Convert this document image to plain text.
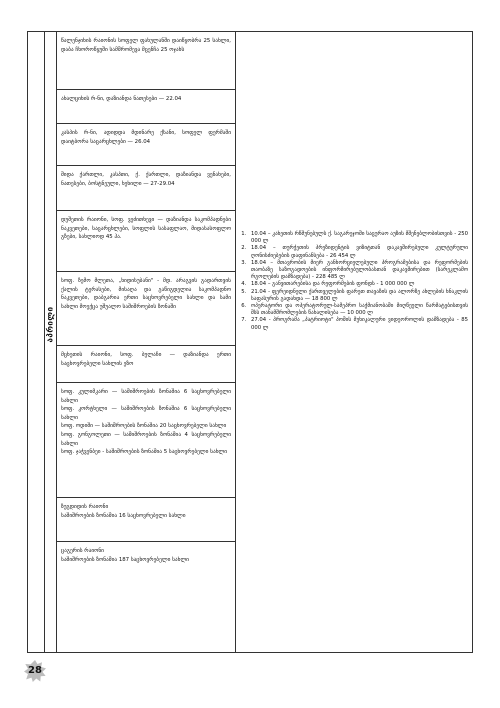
აპრილი
წალენჯიხის რაიონის სოფელ ფახულანში დაიწყობრა 25 სახლი, დაბა ჩხოროწყუში სამშრომევა მცენჩა 25 ოჯახს
ახალციხის რ-ნი, დაზიანდა ნათესები — 22.04
კასპის რ-ნი, ადიდდა მდინარე ქსანი, სოფელ ფერმაში დაიტბორა საცარცხლები — 26.04
შიდა ქართლი, კასპთი, ქ. ქართლი, დაზიანდა ვენახები, ნათესები, ბოსტნეული, ხეხილი — 27-29.04
დუშეთის რაიონი, სოფ. ვეძითხევი — დაზიანდა საკომპადნები ნაკვეთები, საცარცხლები, სოფლის სასაფლაო, მიდასასოფლო გზები, სახლიოდ 45 ჰა.
სოფ. ზემო მლეთა, „ხიდისუბანი" - მდ. არაგვის გადართვის ქალის ტერასები, მისაღა და გაწიგდელია საკომპადნო ნაკვეთები, დაბგარია ერთი საცხოვრებელი სახლი და სამი სახლი მოექცა უშუალო საშიშროების ზონაში
მცხეთის რაიონი, სოფ. ბულაჩი — დაზიანდა ერთი საცხოვრებელი სახლის ეზო
სოფ. კულიმკარი — საშიშროების ზონაშია 6 საცხოვრებელი სახლი
სოფ. კორტხელი — საშიშროების ზონაშია 6 საცხოვრებელი სახლი
სოფ. ოდიში — საშიშროების ზონაშია 20 საცხოვრებელი სახლი
სოფ. გონგოლეთი — საშიშროების ზონაშია 4 საცხოვრებელი სახლი
სოფ. ჯაჭვენბეი - საშიშროების ზონაშია 5 საცხოვრებელი სახლი
ზუგდიდის რაიონი
საშიშროების ზონაშია 16 საცხოვრებელი სახლი
ცაგერის რაიონი
საშიშროების ზონაშია 187 საცხოვრებელი სახლი
1. 10.04 – კახეთის რწმუნებულს ქ. საგარეჯოში საცურაო აუზის მშენებლობისთვის - 250 000 ლ
2. 18.04 – თურქეთის პრეზიდენტის ვიზიტთან დაკავშირებული კულტურული ღონისძიებების დაფინანსება - 26 454 ლ
3. 18.04 – მთავრობის მიერ განხორციელებული პროგრამებისა და რეფორმების თაობაზე საზოგადოების ინფორმირებულობასთან დაკავშირებით (სარეკლამო რგოლების დამზადება) - 228 485 ლ
4. 18.04 – განვითარებისა და რეფორმების ფონდს - 1 000 000 ლ
5. 21.04 - ფერეიდნელი ქართველების ფარეთ თავაზის და ალორზე ახლების ხნაკლის საფასურის გადახდა — 18 800 ლ
6. ოპერატორი და ოპერატორულ-სამეპრო საქმიანობაში მიღწეული წარმატებისთვის შსს თანამშრომლების წახალისება — 10 000 ლ
7. 27.04 - პროგრამა „პატრიოტი" პოშის მუხიკალური ვიდეოროლის დამზადება - 85 000 ლ
28
